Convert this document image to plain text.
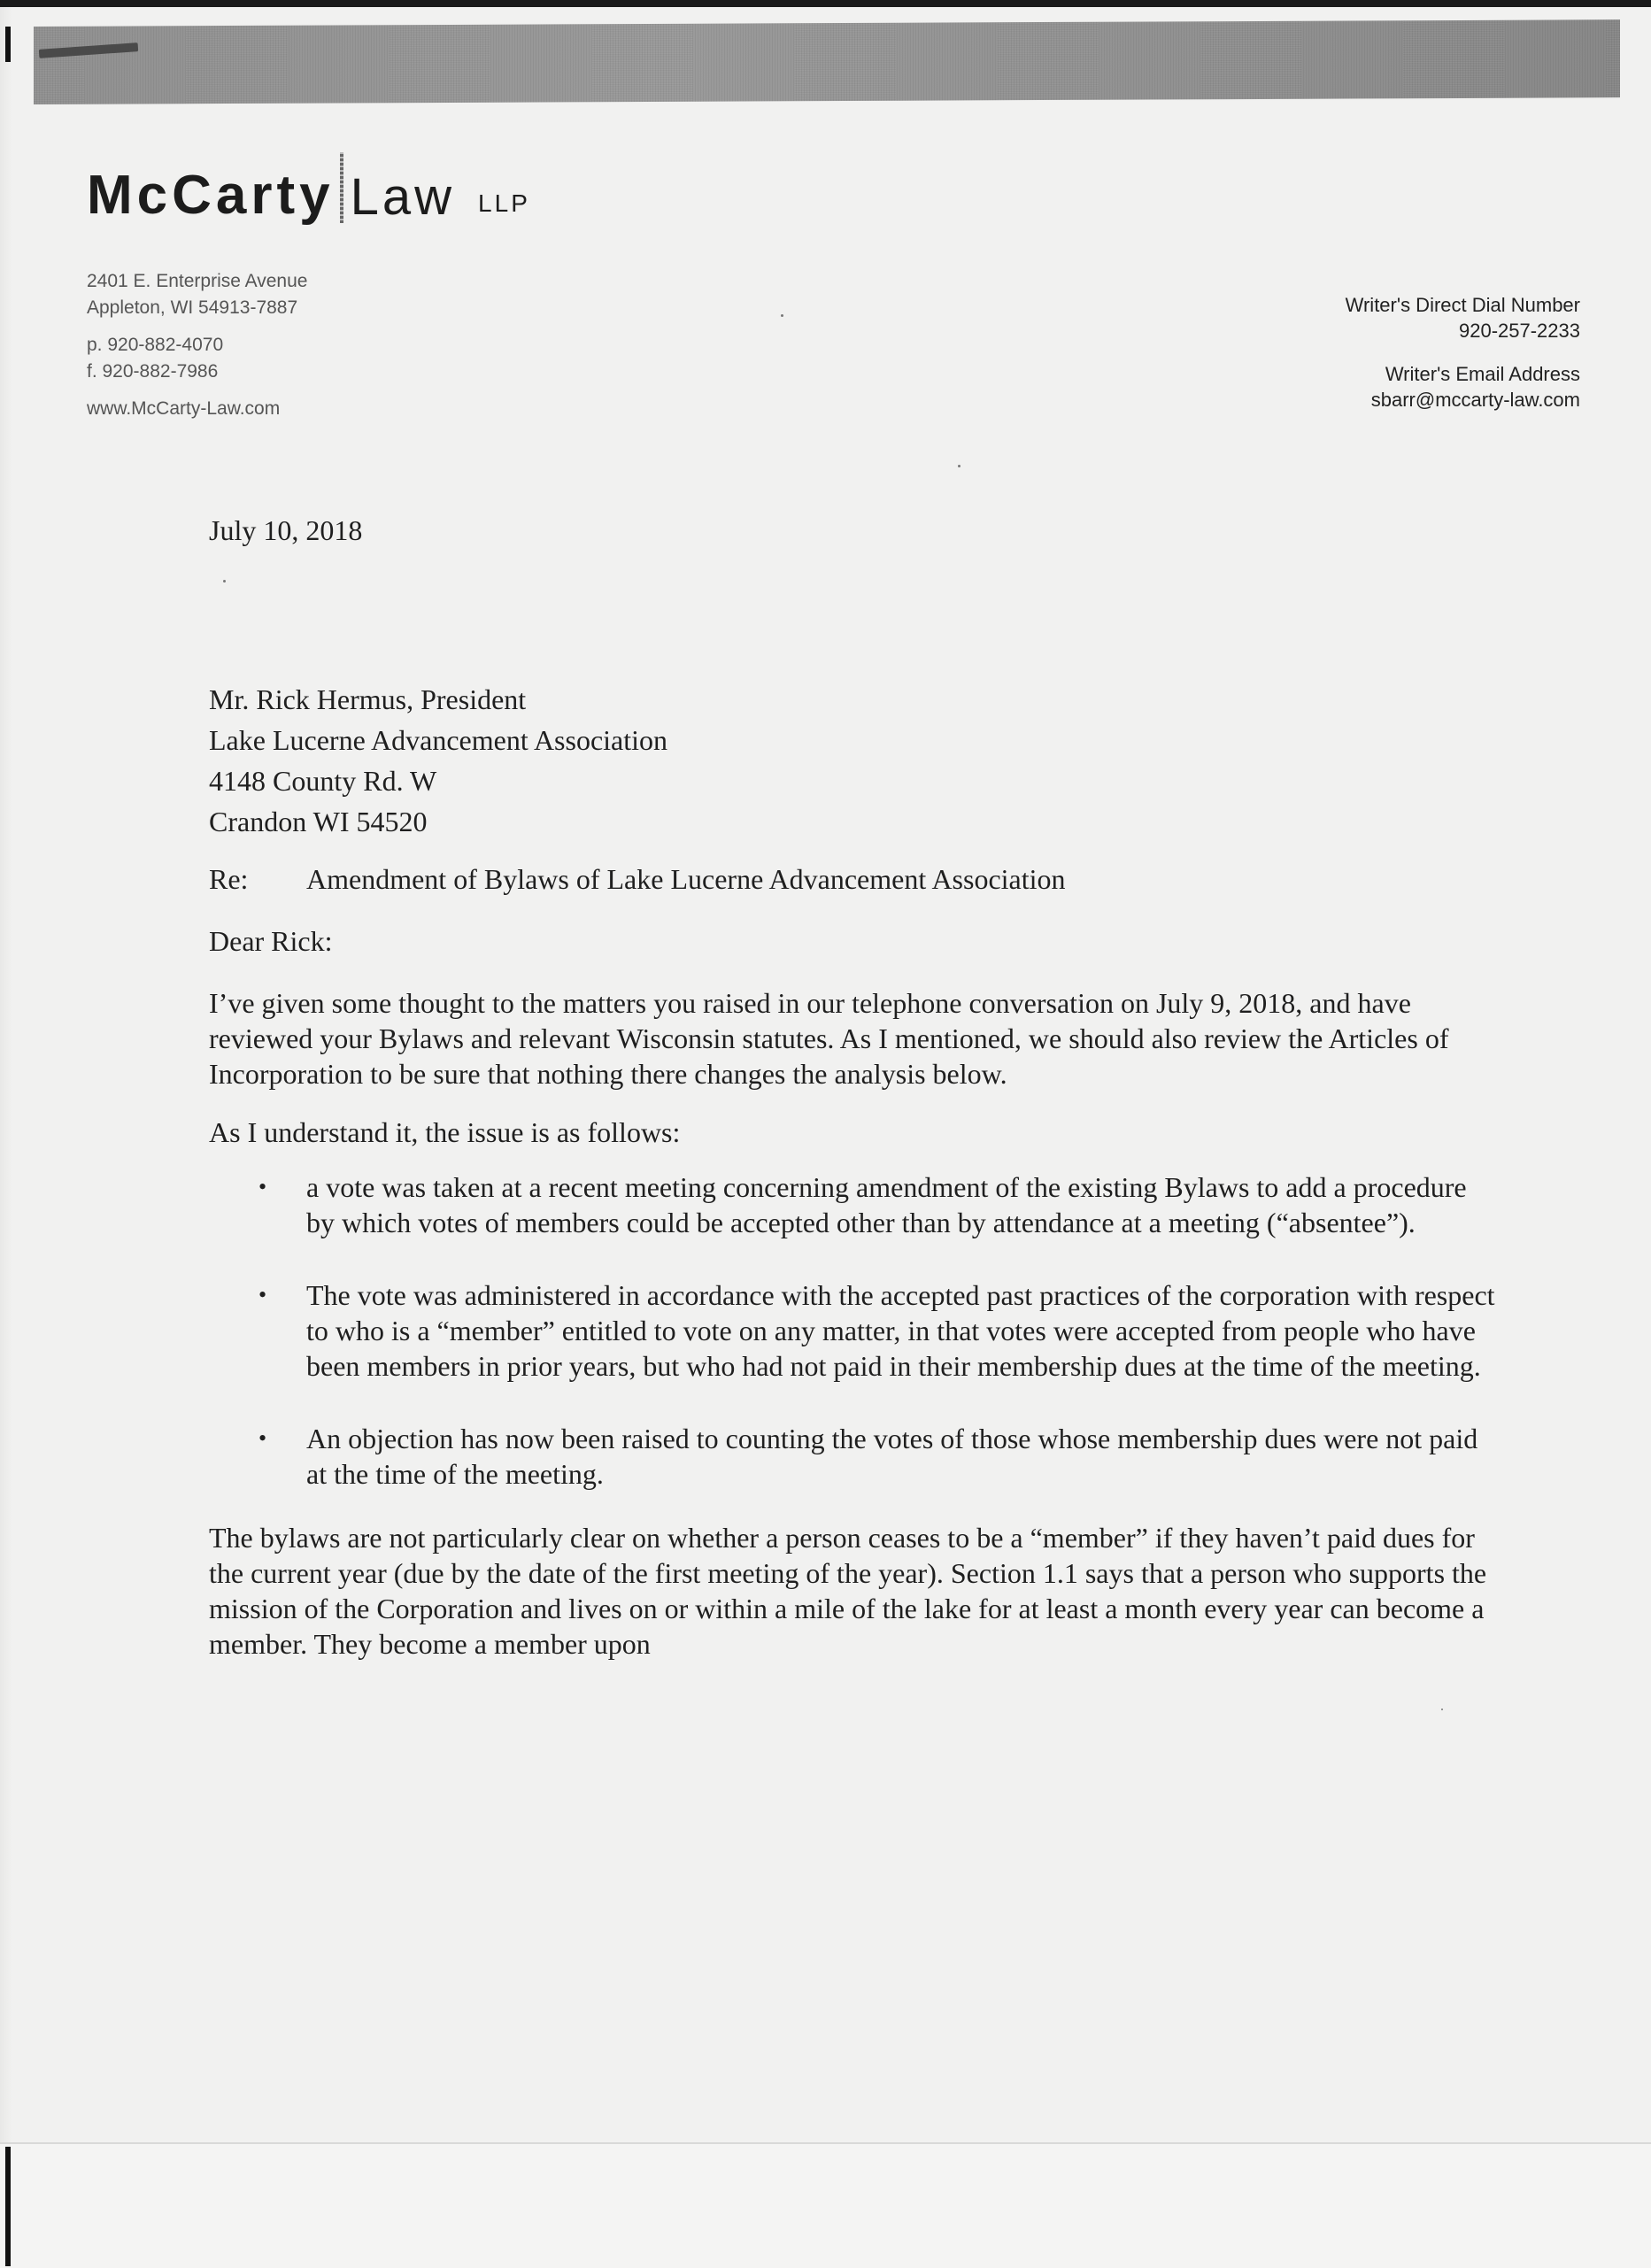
McCarty Law LLP
2401 E. Enterprise Avenue
Appleton, WI 54913-7887
p. 920-882-4070
f. 920-882-7986
www.McCarty-Law.com
Writer's Direct Dial Number
920-257-2233
Writer's Email Address
sbarr@mccarty-law.com
July 10, 2018
Mr. Rick Hermus, President
Lake Lucerne Advancement Association
4148 County Rd. W
Crandon WI 54520
Re:	Amendment of Bylaws of Lake Lucerne Advancement Association
Dear Rick:

I’ve given some thought to the matters you raised in our telephone conversation on July 9, 2018, and have reviewed your Bylaws and relevant Wisconsin statutes. As I mentioned, we should also review the Articles of Incorporation to be sure that nothing there changes the analysis below.

As I understand it, the issue is as follows:

•	a vote was taken at a recent meeting concerning amendment of the existing Bylaws to add a procedure by which votes of members could be accepted other than by attendance at a meeting (“absentee”).
•	The vote was administered in accordance with the accepted past practices of the corporation with respect to who is a “member” entitled to vote on any matter, in that votes were accepted from people who have been members in prior years, but who had not paid in their membership dues at the time of the meeting.
•	An objection has now been raised to counting the votes of those whose membership dues were not paid at the time of the meeting.

The bylaws are not particularly clear on whether a person ceases to be a “member” if they haven’t paid dues for the current year (due by the date of the first meeting of the year). Section 1.1 says that a person who supports the mission of the Corporation and lives on or within a mile of the lake for at least a month every year can become a member. They become a member upon
